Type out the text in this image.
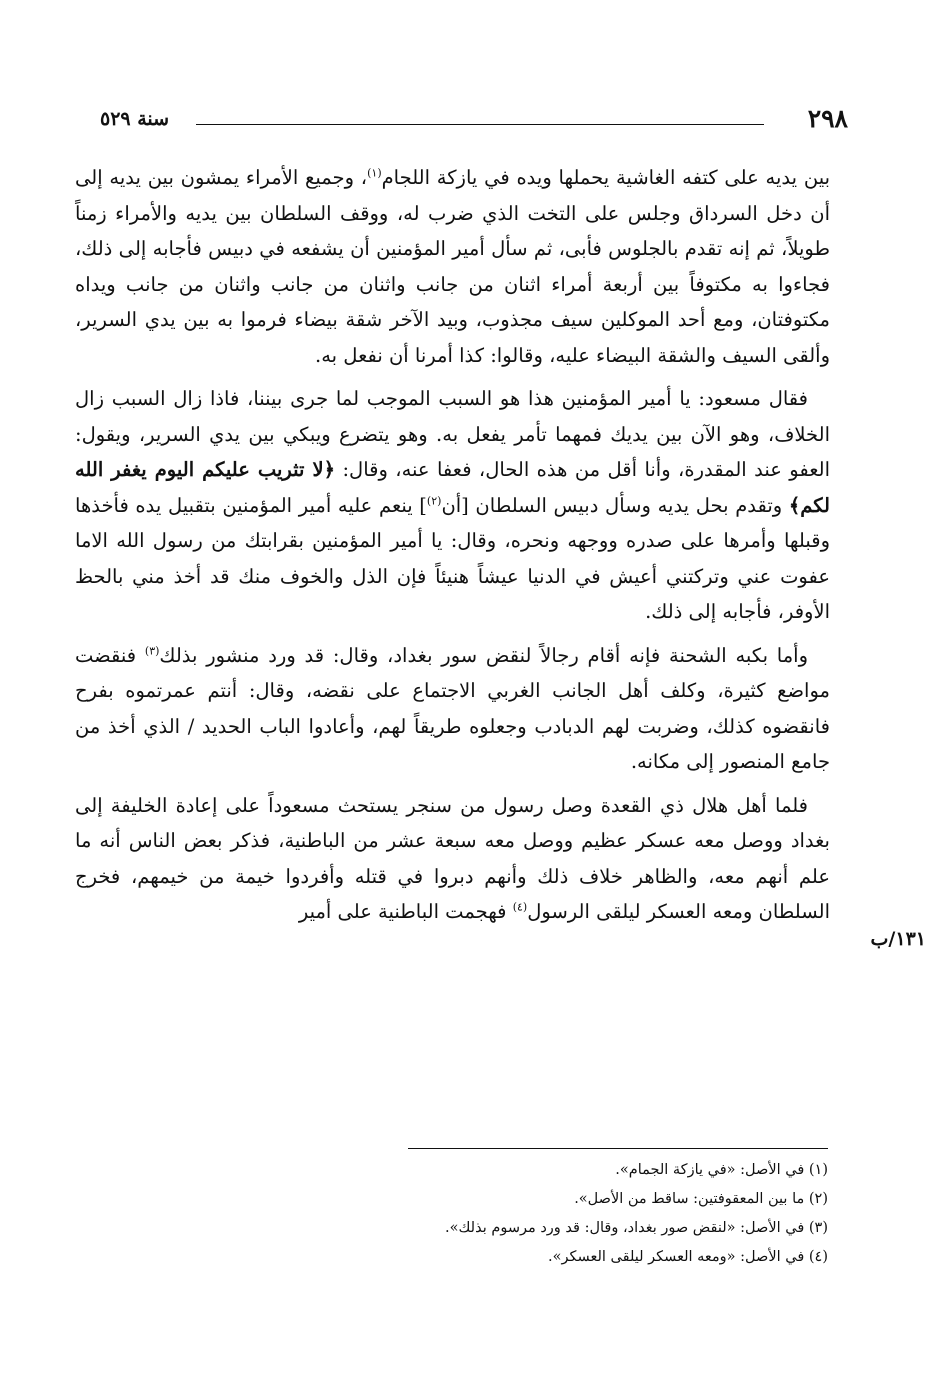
سنة ٥٢٩	٢٩٨

بين يديه على كتفه الغاشية يحملها ويده في يازكة اللجام$^{(١)}$، وجميع الأمراء يمشون بين يديه إلى أن دخل السرداق وجلس على التخت الذي ضرب له، ووقف السلطان بين يديه والأمراء زمناً طويلاً، ثم إنه تقدم بالجلوس فأبى، ثم سأل أمير المؤمنين أن يشفعه في دبيس فأجابه إلى ذلك، فجاءوا به مكتوفاً بين أربعة أمراء اثنان من جانب واثنان من جانب واثنان من جانب ويداه مكتوفتان، ومع أحد الموكلين سيف مجذوب، وبيد الآخر شقة بيضاء فرموا به بين يدي السرير، وألقى السيف والشقة البيضاء عليه، وقالوا: كذا أمرنا أن نفعل به.

فقال مسعود: يا أمير المؤمنين هذا هو السبب الموجب لما جرى بيننا، فاذا زال السبب زال الخلاف، وهو الآن بين يديك فمهما تأمر يفعل به. وهو يتضرع ويبكي بين يدي السرير، ويقول: العفو عند المقدرة، وأنا أقل من هذه الحال، فعفا عنه، وقال: ﴿لا تثريب عليكم اليوم يغفر الله لكم﴾ وتقدم بحل يديه وسأل دبيس السلطان [أن$^{(٢)}$] ينعم عليه أمير المؤمنين بتقبيل يده فأخذها وقبلها وأمرها على صدره ووجهه ونحره، وقال: يا أمير المؤمنين بقرابتك من رسول الله الاما عفوت عني وتركتني أعيش في الدنيا عيشاً هنيئاً فإن الذل والخوف منك قد أخذ مني بالحظ الأوفر، فأجابه إلى ذلك.

وأما بكبه الشحنة فإنه أقام رجالاً لنقض سور بغداد، وقال: قد ورد منشور بذلك$^{(٣)}$ فنقضت مواضع كثيرة، وكلف أهل الجانب الغربي الاجتماع على نقضه، وقال: أنتم عمرتموه بفرح فانقضوه كذلك، وضربت لهم الدبادب وجعلوه طريقاً لهم، وأعادوا الباب الحديد / الذي أخذ من جامع المنصور إلى مكانه.

فلما أهل هلال ذي القعدة وصل رسول من سنجر يستحث مسعوداً على إعادة الخليفة إلى بغداد ووصل معه عسكر عظيم ووصل معه سبعة عشر من الباطنية، فذكر بعض الناس أنه ما علم أنهم معه، والظاهر خلاف ذلك وأنهم دبروا في قتله وأفردوا خيمة من خيمهم، فخرج السلطان ومعه العسكر ليلقى الرسول$^{(٤)}$ فهجمت الباطنية على أمير

١٣١/ب
(١) في الأصل: «في يازكة الجمام».
(٢) ما بين المعقوفتين: ساقط من الأصل».
(٣) في الأصل: «لنقض صور بغداد، وقال: قد ورد مرسوم بذلك».
(٤) في الأصل: «ومعه العسكر ليلقى العسكر».
